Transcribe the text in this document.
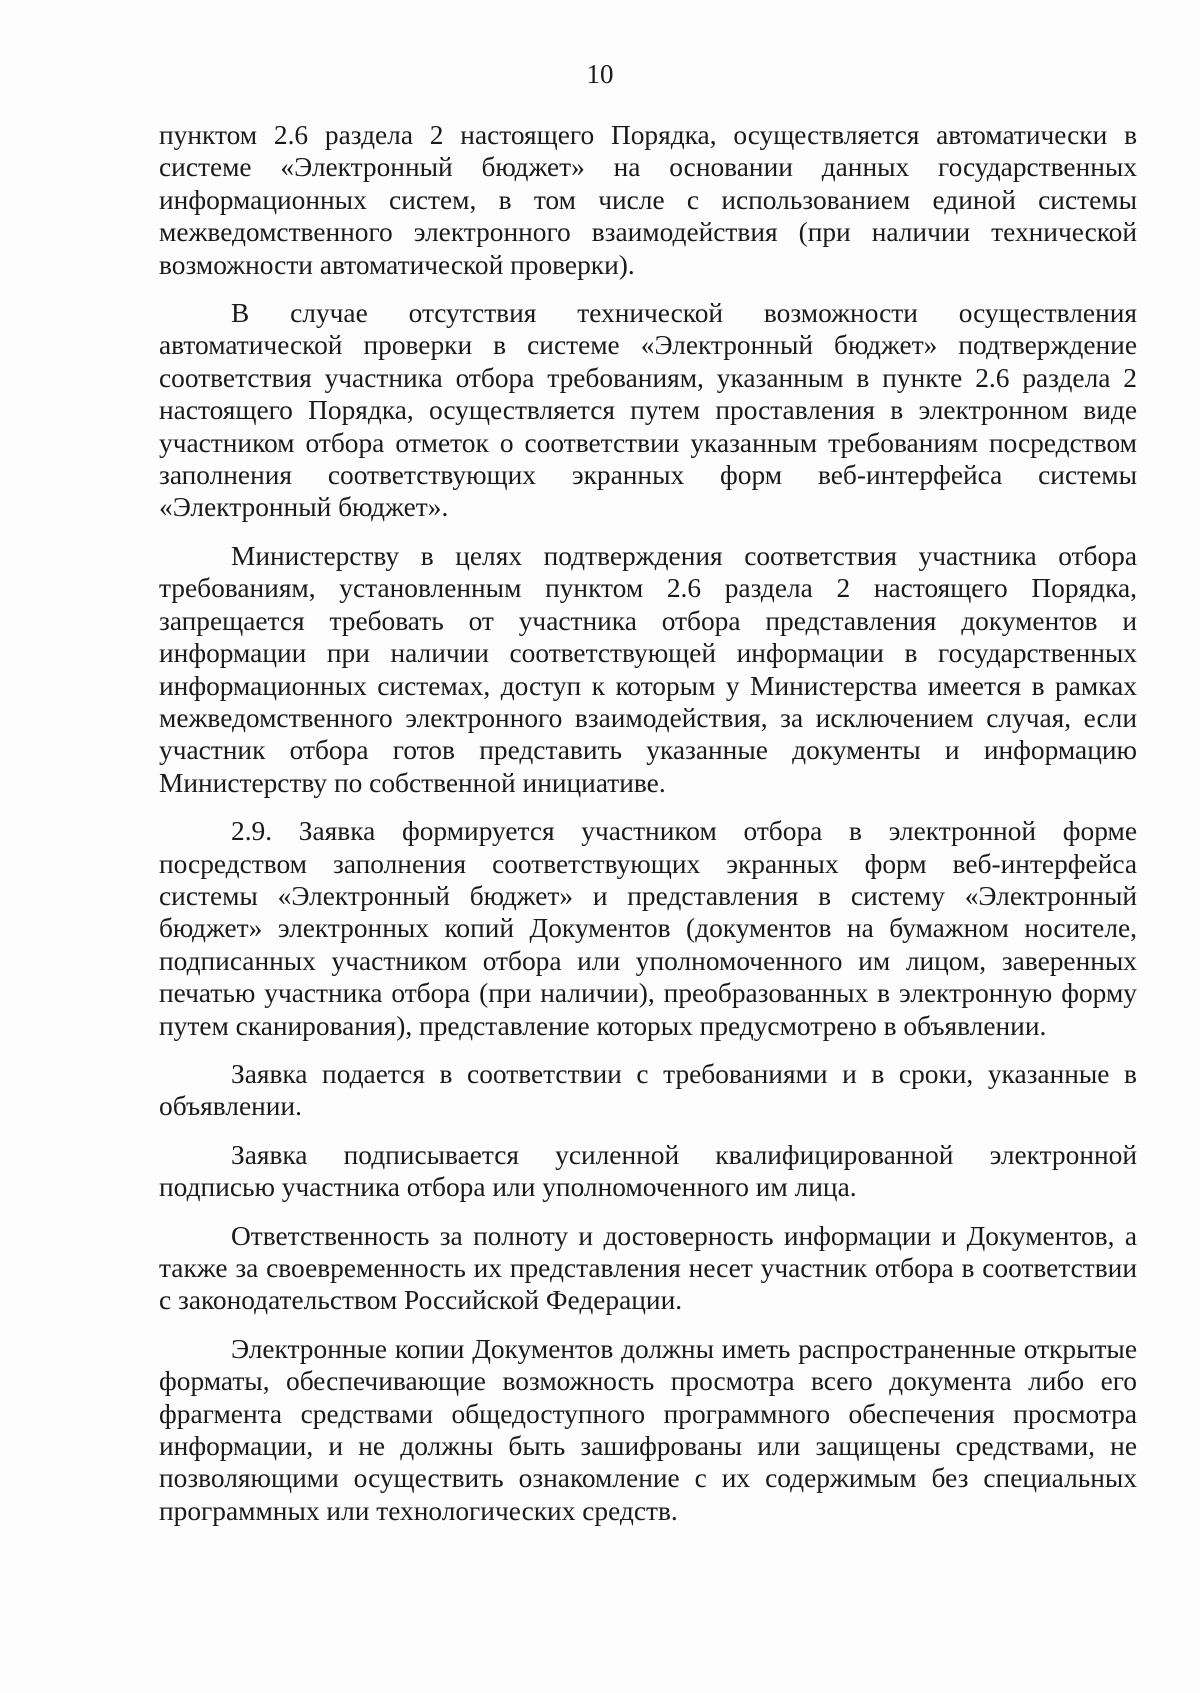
10

пунктом 2.6 раздела 2 настоящего Порядка, осуществляется автоматически в системе «Электронный бюджет» на основании данных государственных информационных систем, в том числе с использованием единой системы межведомственного электронного взаимодействия (при наличии технической возможности автоматической проверки).

В случае отсутствия технической возможности осуществления автоматической проверки в системе «Электронный бюджет» подтверждение соответствия участника отбора требованиям, указанным в пункте 2.6 раздела 2 настоящего Порядка, осуществляется путем проставления в электронном виде участником отбора отметок о соответствии указанным требованиям посредством заполнения соответствующих экранных форм веб-интерфейса системы «Электронный бюджет».

Министерству в целях подтверждения соответствия участника отбора требованиям, установленным пунктом 2.6 раздела 2 настоящего Порядка, запрещается требовать от участника отбора представления документов и информации при наличии соответствующей информации в государственных информационных системах, доступ к которым у Министерства имеется в рамках межведомственного электронного взаимодействия, за исключением случая, если участник отбора готов представить указанные документы и информацию Министерству по собственной инициативе.

2.9. Заявка формируется участником отбора в электронной форме посредством заполнения соответствующих экранных форм веб-интерфейса системы «Электронный бюджет» и представления в систему «Электронный бюджет» электронных копий Документов (документов на бумажном носителе, подписанных участником отбора или уполномоченного им лицом, заверенных печатью участника отбора (при наличии), преобразованных в электронную форму путем сканирования), представление которых предусмотрено в объявлении.

Заявка подается в соответствии с требованиями и в сроки, указанные в объявлении.

Заявка подписывается усиленной квалифицированной электронной подписью участника отбора или уполномоченного им лица.

Ответственность за полноту и достоверность информации и Документов, а также за своевременность их представления несет участник отбора в соответствии с законодательством Российской Федерации.

Электронные копии Документов должны иметь распространенные открытые форматы, обеспечивающие возможность просмотра всего документа либо его фрагмента средствами общедоступного программного обеспечения просмотра информации, и не должны быть зашифрованы или защищены средствами, не позволяющими осуществить ознакомление с их содержимым без специальных программных или технологических средств.
